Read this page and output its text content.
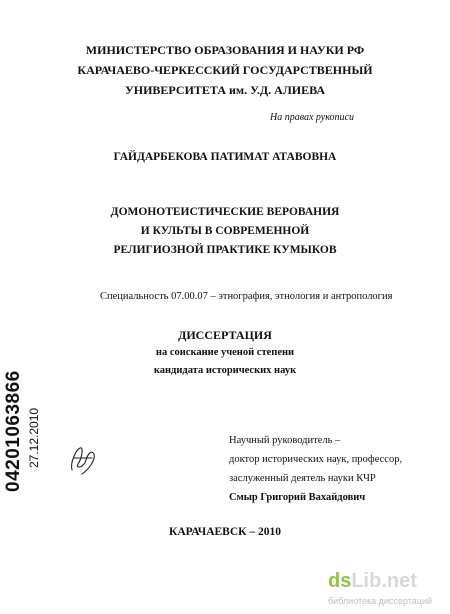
МИНИСТЕРСТВО ОБРАЗОВАНИЯ И НАУКИ РФ
КАРАЧАЕВО-ЧЕРКЕССКИЙ ГОСУДАРСТВЕННЫЙ
УНИВЕРСИТЕТА им. У.Д. АЛИЕВА
На правах рукописи
ГАЙДАРБЕКОВА ПАТИМАТ АТАВОВНА
ДОМОНОТЕИСТИЧЕСКИЕ ВЕРОВАНИЯ
И КУЛЬТЫ В СОВРЕМЕННОЙ
РЕЛИГИОЗНОЙ ПРАКТИКЕ КУМЫКОВ
Специальность 07.00.07 – этнография, этнология и антропология
ДИССЕРТАЦИЯ
на соискание ученой степени
кандидата исторических наук
Научный руководитель –
доктор исторических наук, профессор,
заслуженный деятель науки КЧР
Смыр Григорий Вахайдович
КАРАЧАЕВСК – 2010
04201063866 27.12.2010
dsLib.net
библиотека диссертаций
